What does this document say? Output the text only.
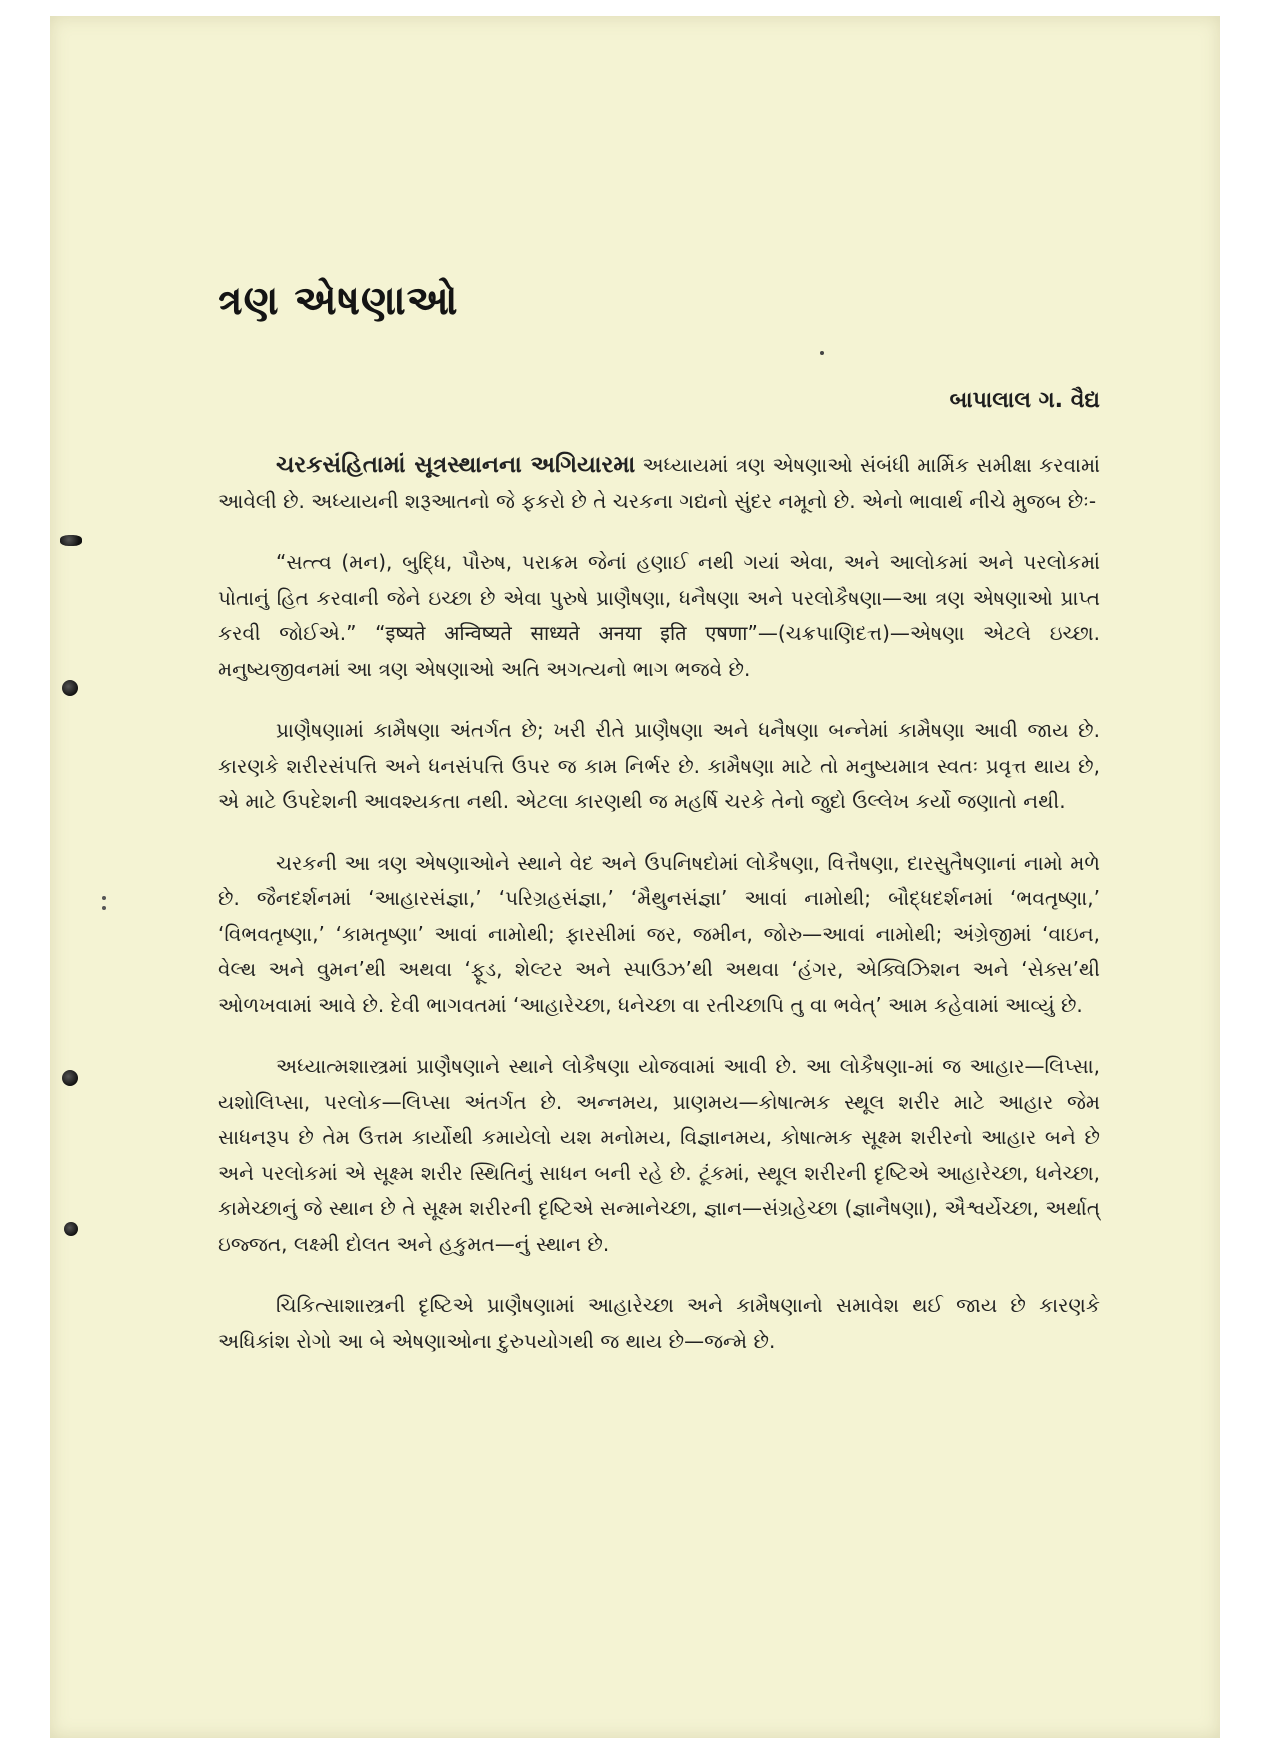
ત્રણ એષણાઓ

બાપાલાલ ગ. વૈદ્ય

ચરકસંહિતામાં સૂત્રસ્થાનના અગિયારમા અધ્યાયમાં ત્રણ એષણાઓ સંબંધી માર્મિક સમીક્ષા કરવામાં આવેલી છે. અધ્યાયની શરૂઆતનો જે ફકરો છે તે ચરકના ગદ્યનો સુંદર નમૂનો છે. એનો ભાવાર્થ નીચે મુજબ છેઃ-

“સત્ત્વ (મન), બુદ્ધિ, પૌરુષ, પરાક્રમ જેનાં હણાઈ નથી ગયાં એવા, અને આલોકમાં અને પરલોકમાં પોતાનું હિત કરવાની જેને ઇચ્છા છે એવા પુરુષે પ્રાણૈષણા, ધનૈષણા અને પરલોકૈષણા—આ ત્રણ એષણાઓ પ્રાપ્ત કરવી જોઈએ.” “इष्यते अन्विष्यते साध्यते अनया इति एषणा”—(ચક્રપાણિદત્ત)—એષણા એટલે ઇચ્છા. મનુષ્યજીવનમાં આ ત્રણ એષણાઓ અતિ અગત્યનો ભાગ ભજવે છે.

પ્રાણૈષણામાં કામૈષણા અંતર્ગત છે; ખરી રીતે પ્રાણૈષણા અને ધનૈષણા બન્નેમાં કામૈષણા આવી જાય છે. કારણકે શરીરસંપત્તિ અને ધનસંપત્તિ ઉપર જ કામ નિર્ભર છે. કામૈષણા માટે તો મનુષ્યમાત્ર સ્વતઃ પ્રવૃત્ત થાય છે, એ માટે ઉપદેશની આવશ્યકતા નથી. એટલા કારણથી જ મહર્ષિ ચરકે તેનો જુદો ઉલ્લેખ કર્યો જણાતો નથી.

ચરકની આ ત્રણ એષણાઓને સ્થાને વેદ અને ઉપનિષદોમાં લોકૈષણા, વિત્તૈષણા, દારસુતૈષણાનાં નામો મળે છે. જૈનદર્શનમાં ‘આહારસંજ્ઞા,’ ‘પરિગ્રહસંજ્ઞા,’ ‘મૈથુનસંજ્ઞા’ આવાં નામોથી; બૌદ્ધદર્શનમાં ‘ભવતૃષ્ણા,’ ‘વિભવતૃષ્ણા,’ ‘કામતૃષ્ણા’ આવાં નામોથી; ફારસીમાં જર, જમીન, જોરુ—આવાં નામોથી; અંગ્રેજીમાં ‘વાઇન, વેલ્થ અને વુમન’થી અથવા ‘ફૂડ, શેલ્ટર અને સ્પાઉઝ’થી અથવા ‘હંગર, એક્વિઝિશન અને ‘સેક્સ’થી ઓળખવામાં આવે છે. દેવી ભાગવતમાં ‘આહારેચ્છા, ધનેચ્છા વા રતીચ્છાપિ તુ વા ભવેત્’ આમ કહેવામાં આવ્યું છે.

અધ્યાત્મશાસ્ત્રમાં પ્રાણૈષણાને સ્થાને લોકૈષણા યોજવામાં આવી છે. આ લોકૈષણા-માં જ આહાર—લિપ્સા, યશોલિપ્સા, પરલોક—લિપ્સા અંતર્ગત છે. અન્નમય, પ્રાણમય—કોષાત્મક સ્થૂલ શરીર માટે આહાર જેમ સાધનરૂપ છે તેમ ઉત્તમ કાર્યોથી કમાયેલો યશ મનોમય, વિજ્ઞાનમય, કોષાત્મક સૂક્ષ્મ શરીરનો આહાર બને છે અને પરલોકમાં એ સૂક્ષ્મ શરીર સ્થિતિનું સાધન બની રહે છે. ટૂંકમાં, સ્થૂલ શરીરની દૃષ્ટિએ આહારેચ્છા, ધનેચ્છા, કામેચ્છાનું જે સ્થાન છે તે સૂક્ષ્મ શરીરની દૃષ્ટિએ સન્માનેચ્છા, જ્ઞાન—સંગ્રહેચ્છા (જ્ઞાનૈષણા), ઐશ્વર્યેચ્છા, અર્થાત્ ઇજ્જત, લક્ષ્મી દોલત અને હકુમત—નું સ્થાન છે.

ચિકિત્સાશાસ્ત્રની દૃષ્ટિએ પ્રાણૈષણામાં આહારેચ્છા અને કામૈષણાનો સમાવેશ થઈ જાય છે કારણકે અધિકાંશ રોગો આ બે એષણાઓના દુરુપયોગથી જ થાય છે—જન્મે છે.
